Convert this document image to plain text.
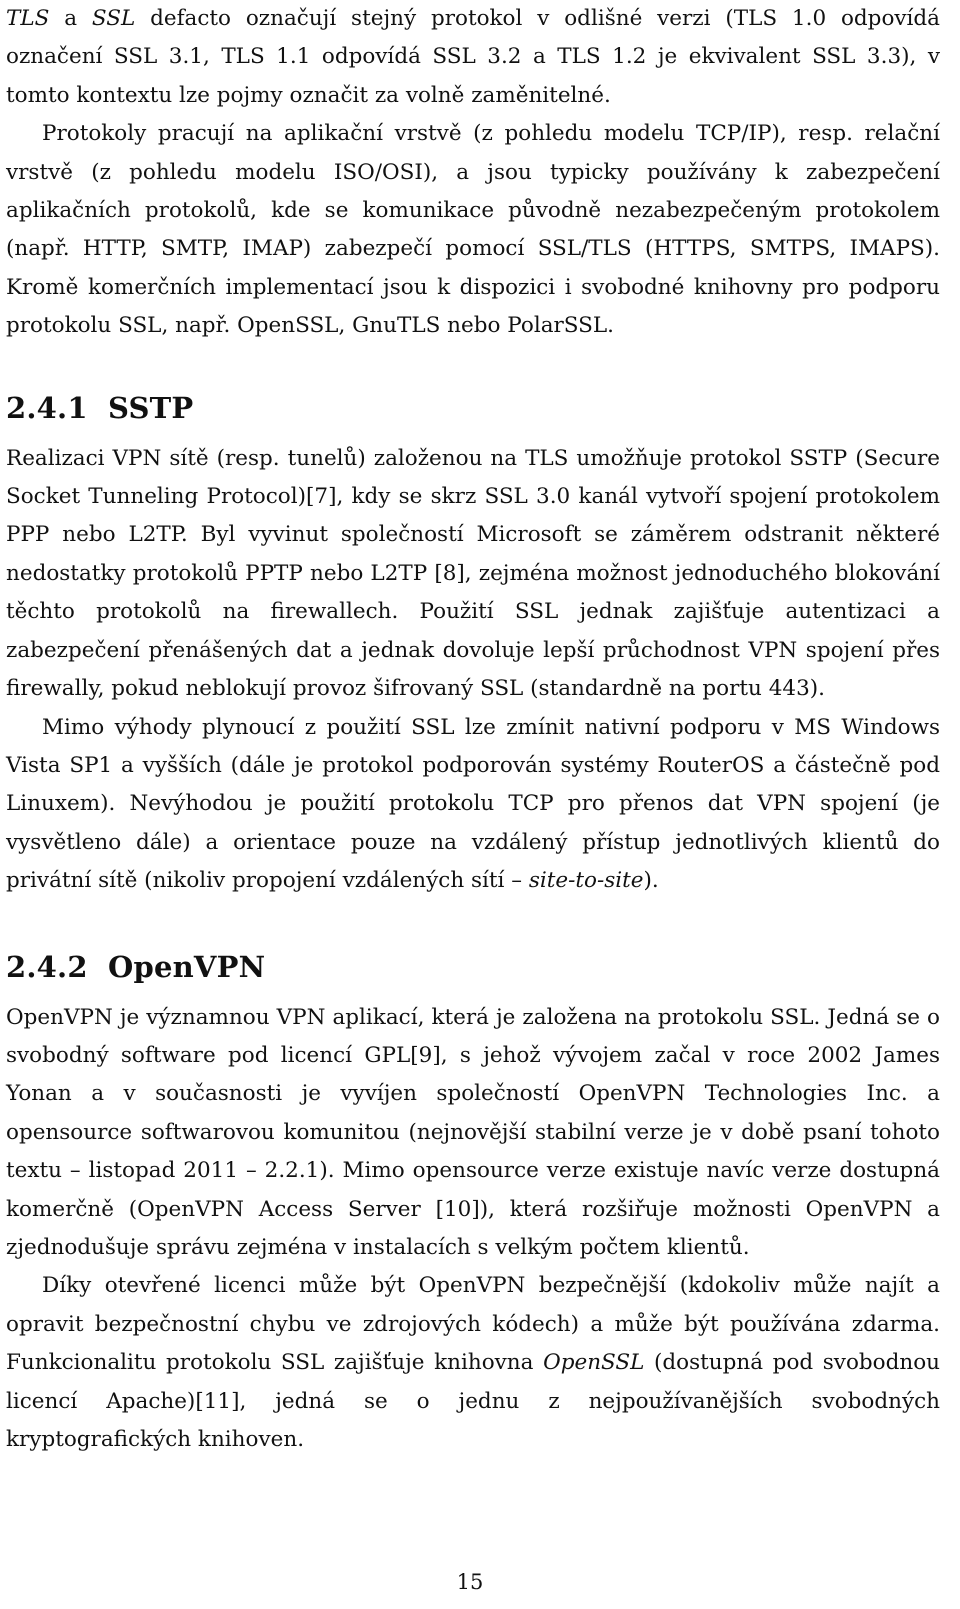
TLS a SSL defacto označují stejný protokol v odlišné verzi (TLS 1.0 odpovídá označení SSL 3.1, TLS 1.1 odpovídá SSL 3.2 a TLS 1.2 je ekvivalent SSL 3.3), v tomto kontextu lze pojmy označit za volně zaměnitelné.

Protokoly pracují na aplikační vrstvě (z pohledu modelu TCP/IP), resp. relační vrstvě (z pohledu modelu ISO/OSI), a jsou typicky používány k zabezpečení aplikačních protokolů, kde se komunikace původně nezabezpečeným protokolem (např. HTTP, SMTP, IMAP) zabezpečí pomocí SSL/TLS (HTTPS, SMTPS, IMAPS). Kromě komerčních implementací jsou k dispozici i svobodné knihovny pro podporu protokolu SSL, např. OpenSSL, GnuTLS nebo PolarSSL.

2.4.1 SSTP

Realizaci VPN sítě (resp. tunelů) založenou na TLS umožňuje protokol SSTP (Secure Socket Tunneling Protocol)[7], kdy se skrz SSL 3.0 kanál vytvoří spojení protokolem PPP nebo L2TP. Byl vyvinut společností Microsoft se záměrem odstranit některé nedostatky protokolů PPTP nebo L2TP [8], zejména možnost jednoduchého blokování těchto protokolů na firewallech. Použití SSL jednak zajišťuje autentizaci a zabezpečení přenášených dat a jednak dovoluje lepší průchodnost VPN spojení přes firewally, pokud neblokují provoz šifrovaný SSL (standardně na portu 443).

Mimo výhody plynoucí z použití SSL lze zmínit nativní podporu v MS Windows Vista SP1 a vyšších (dále je protokol podporován systémy RouterOS a částečně pod Linuxem). Nevýhodou je použití protokolu TCP pro přenos dat VPN spojení (je vysvětleno dále) a orientace pouze na vzdálený přístup jednotlivých klientů do privátní sítě (nikoliv propojení vzdálených sítí – site-to-site).

2.4.2 OpenVPN

OpenVPN je významnou VPN aplikací, která je založena na protokolu SSL. Jedná se o svobodný software pod licencí GPL[9], s jehož vývojem začal v roce 2002 James Yonan a v současnosti je vyvíjen společností OpenVPN Technologies Inc. a opensource softwarovou komunitou (nejnovější stabilní verze je v době psaní tohoto textu – listopad 2011 – 2.2.1). Mimo opensource verze existuje navíc verze dostupná komerčně (OpenVPN Access Server [10]), která rozšiřuje možnosti OpenVPN a zjednodušuje správu zejména v instalacích s velkým počtem klientů.

Díky otevřené licenci může být OpenVPN bezpečnější (kdokoliv může najít a opravit bezpečnostní chybu ve zdrojových kódech) a může být používána zdarma. Funkcionalitu protokolu SSL zajišťuje knihovna OpenSSL (dostupná pod svobodnou licencí Apache)[11], jedná se o jednu z nejpoužívanějších svobodných kryptografických knihoven.

15
